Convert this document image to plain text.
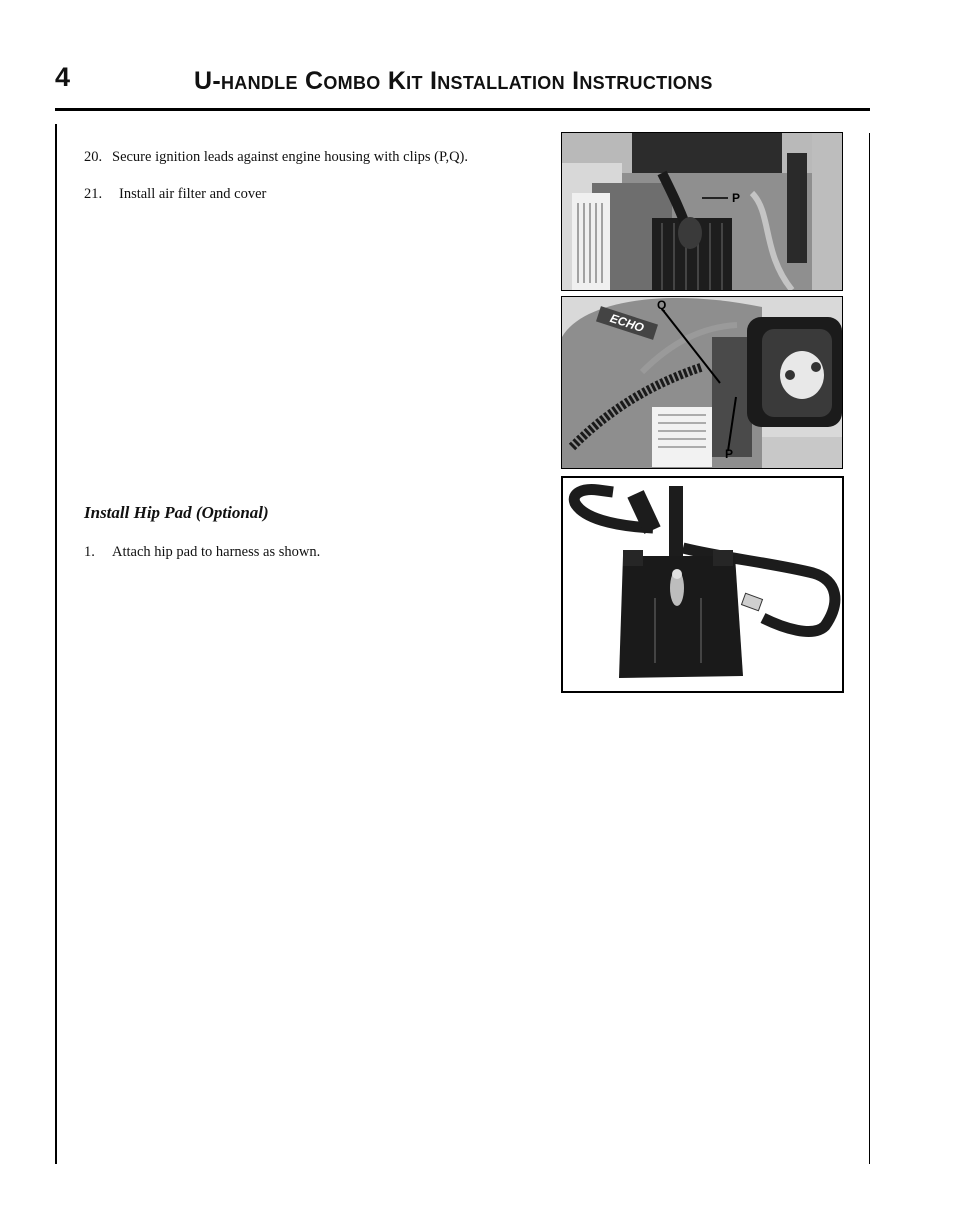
4	U-handle Combo Kit Installation Instructions
20. Secure ignition leads against engine housing with clips (P,Q).
21. Install air filter and cover
Install Hip Pad (Optional)
1. Attach hip pad to harness as shown.
P
ECHO
Q
P
